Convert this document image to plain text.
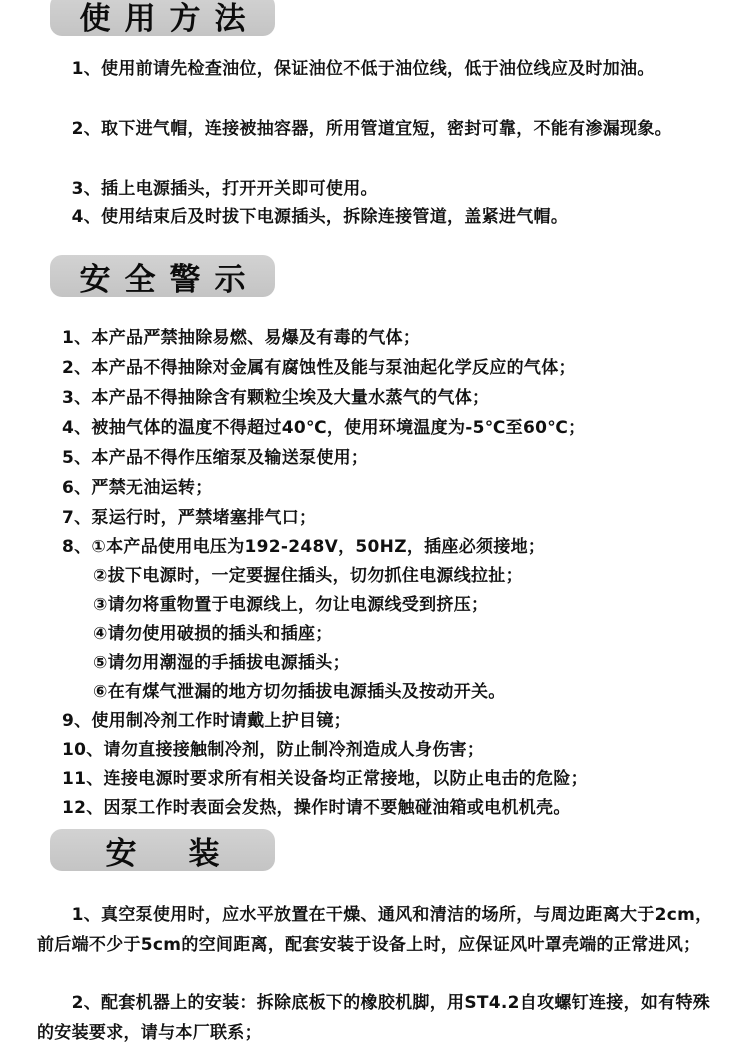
使用方法

　　1、使用前请先检查油位，保证油位不低于油位线，低于油位线应及时加油。

　　2、取下进气帽，连接被抽容器，所用管道宜短，密封可靠，不能有渗漏现象。

　　3、插上电源插头，打开开关即可使用。

　　4、使用结束后及时拔下电源插头，拆除连接管道，盖紧进气帽。

安全警示
1、本产品严禁抽除易燃、易爆及有毒的气体；
2、本产品不得抽除对金属有腐蚀性及能与泵油起化学反应的气体；
3、本产品不得抽除含有颗粒尘埃及大量水蒸气的气体；
4、被抽气体的温度不得超过40℃，使用环境温度为-5℃至60℃；
5、本产品不得作压缩泵及输送泵使用；
6、严禁无油运转；
7、泵运行时，严禁堵塞排气口；
8、①本产品使用电压为192-248V，50HZ，插座必须接地；
②拔下电源时，一定要握住插头，切勿抓住电源线拉扯；
③请勿将重物置于电源线上，勿让电源线受到挤压；
④请勿使用破损的插头和插座；
⑤请勿用潮湿的手插拔电源插头；
⑥在有煤气泄漏的地方切勿插拔电源插头及按动开关。
9、使用制冷剂工作时请戴上护目镜；
10、请勿直接接触制冷剂，防止制冷剂造成人身伤害；
11、连接电源时要求所有相关设备均正常接地，以防止电击的危险；
12、因泵工作时表面会发热，操作时请不要触碰油箱或电机机壳。
安装

　　1、真空泵使用时，应水平放置在干燥、通风和清洁的场所，与周边距离大于2cm，前后端不少于5cm的空间距离，配套安装于设备上时，应保证风叶罩壳端的正常进风；

　　2、配套机器上的安装：拆除底板下的橡胶机脚，用ST4.2自攻螺钉连接，如有特殊的安装要求，请与本厂联系；
